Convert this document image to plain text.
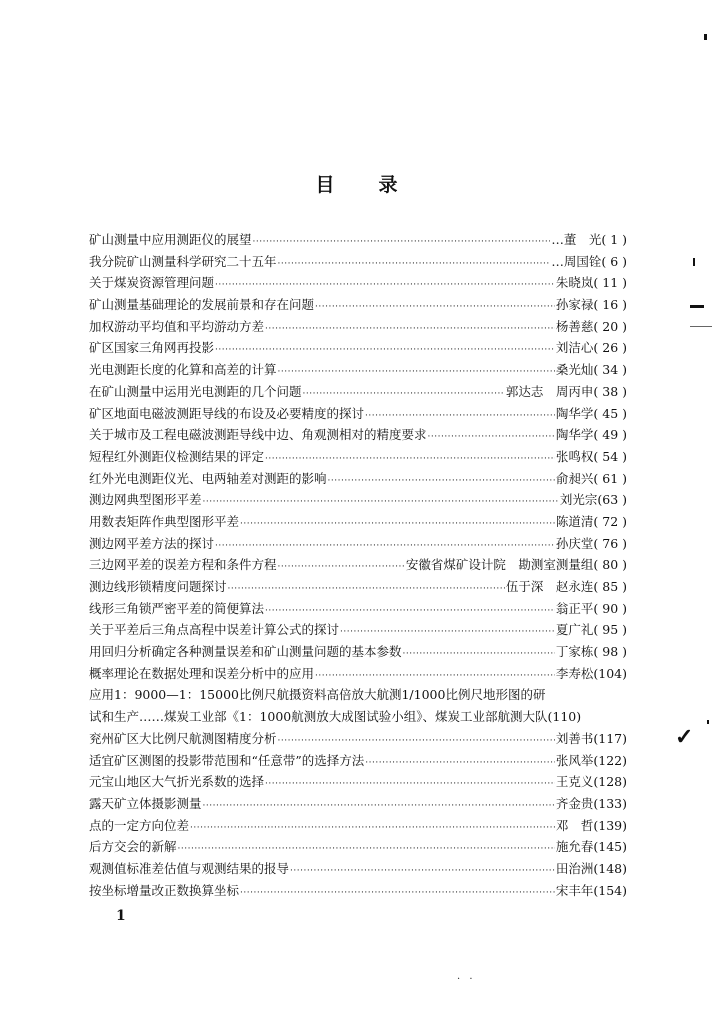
目录
矿山测量中应用测距仪的展望 ·····	…董　光 ( 1 )
我分院矿山测量科学研究二十五年 ·····	…周国铨 ( 6 )
关于煤炭资源管理问题 ·····	朱晓岚 ( 11 )
矿山测量基础理论的发展前景和存在问题 ·····	孙家禄 ( 16 )
加权游动平均值和平均游动方差 ·····	杨善慈 ( 20 )
矿区国家三角网再投影 ·····	刘洁心 ( 26 )
光电测距长度的化算和高差的计算 ·····	桑光灿 ( 34 )
在矿山测量中运用光电测距的几个问题 ·····	郭达志　周丙申 ( 38 )
矿区地面电磁波测距导线的布设及必要精度的探讨 ·····	陶华学 ( 45 )
关于城市及工程电磁波测距导线中边、角观测相对的精度要求 ·····	陶华学 ( 49 )
短程红外测距仪检测结果的评定 ·····	张鸣权 ( 54 )
红外光电测距仪光、电两轴差对测距的影响 ·····	俞昶兴 ( 61 )
测边网典型图形平差 ·····	刘光宗 (63 )
用数表矩阵作典型图形平差 ·····	陈道清 ( 72 )
测边网平差方法的探讨 ·····	孙庆堂 ( 76 )
三边网平差的误差方程和条件方程 ·····	安徽省煤矿设计院　勘测室测量组 ( 80 )
测边线形锁精度问题探讨 ·····	伍于深　赵永连 ( 85 )
线形三角锁严密平差的简便算法 ·····	翁正平 ( 90 )
关于平差后三角点高程中误差计算公式的探讨 ·····	夏广礼 ( 95 )
用回归分析确定各种测量误差和矿山测量问题的基本参数 ·····	丁家栋 ( 98 )
概率理论在数据处理和误差分析中的应用 ·····	李寿松 (104)
应用1：9000—1：15000比例尺航摄资料高倍放大航测1/1000比例尺地形图的研
试和生产……煤炭工业部《1：1000航测放大成图试验小组》、煤炭工业部航测大队(110)
兖州矿区大比例尺航测图精度分析 ·····	刘善书 (117)
适宜矿区测图的投影带范围和“任意带”的选择方法 ·····	张风举 (122)
元宝山地区大气折光系数的选择 ·····	王克义 (128)
露天矿立体摄影测量 ·····	齐金贵 (133)
点的一定方向位差 ·····	邓　哲 (139)
后方交会的新解 ·····	施允春 (145)
观测值标准差估值与观测结果的报导 ·····	田治洲 (148)
按坐标增量改正数换算坐标 ·····	宋丰年 (154)
1
✓
· ·
